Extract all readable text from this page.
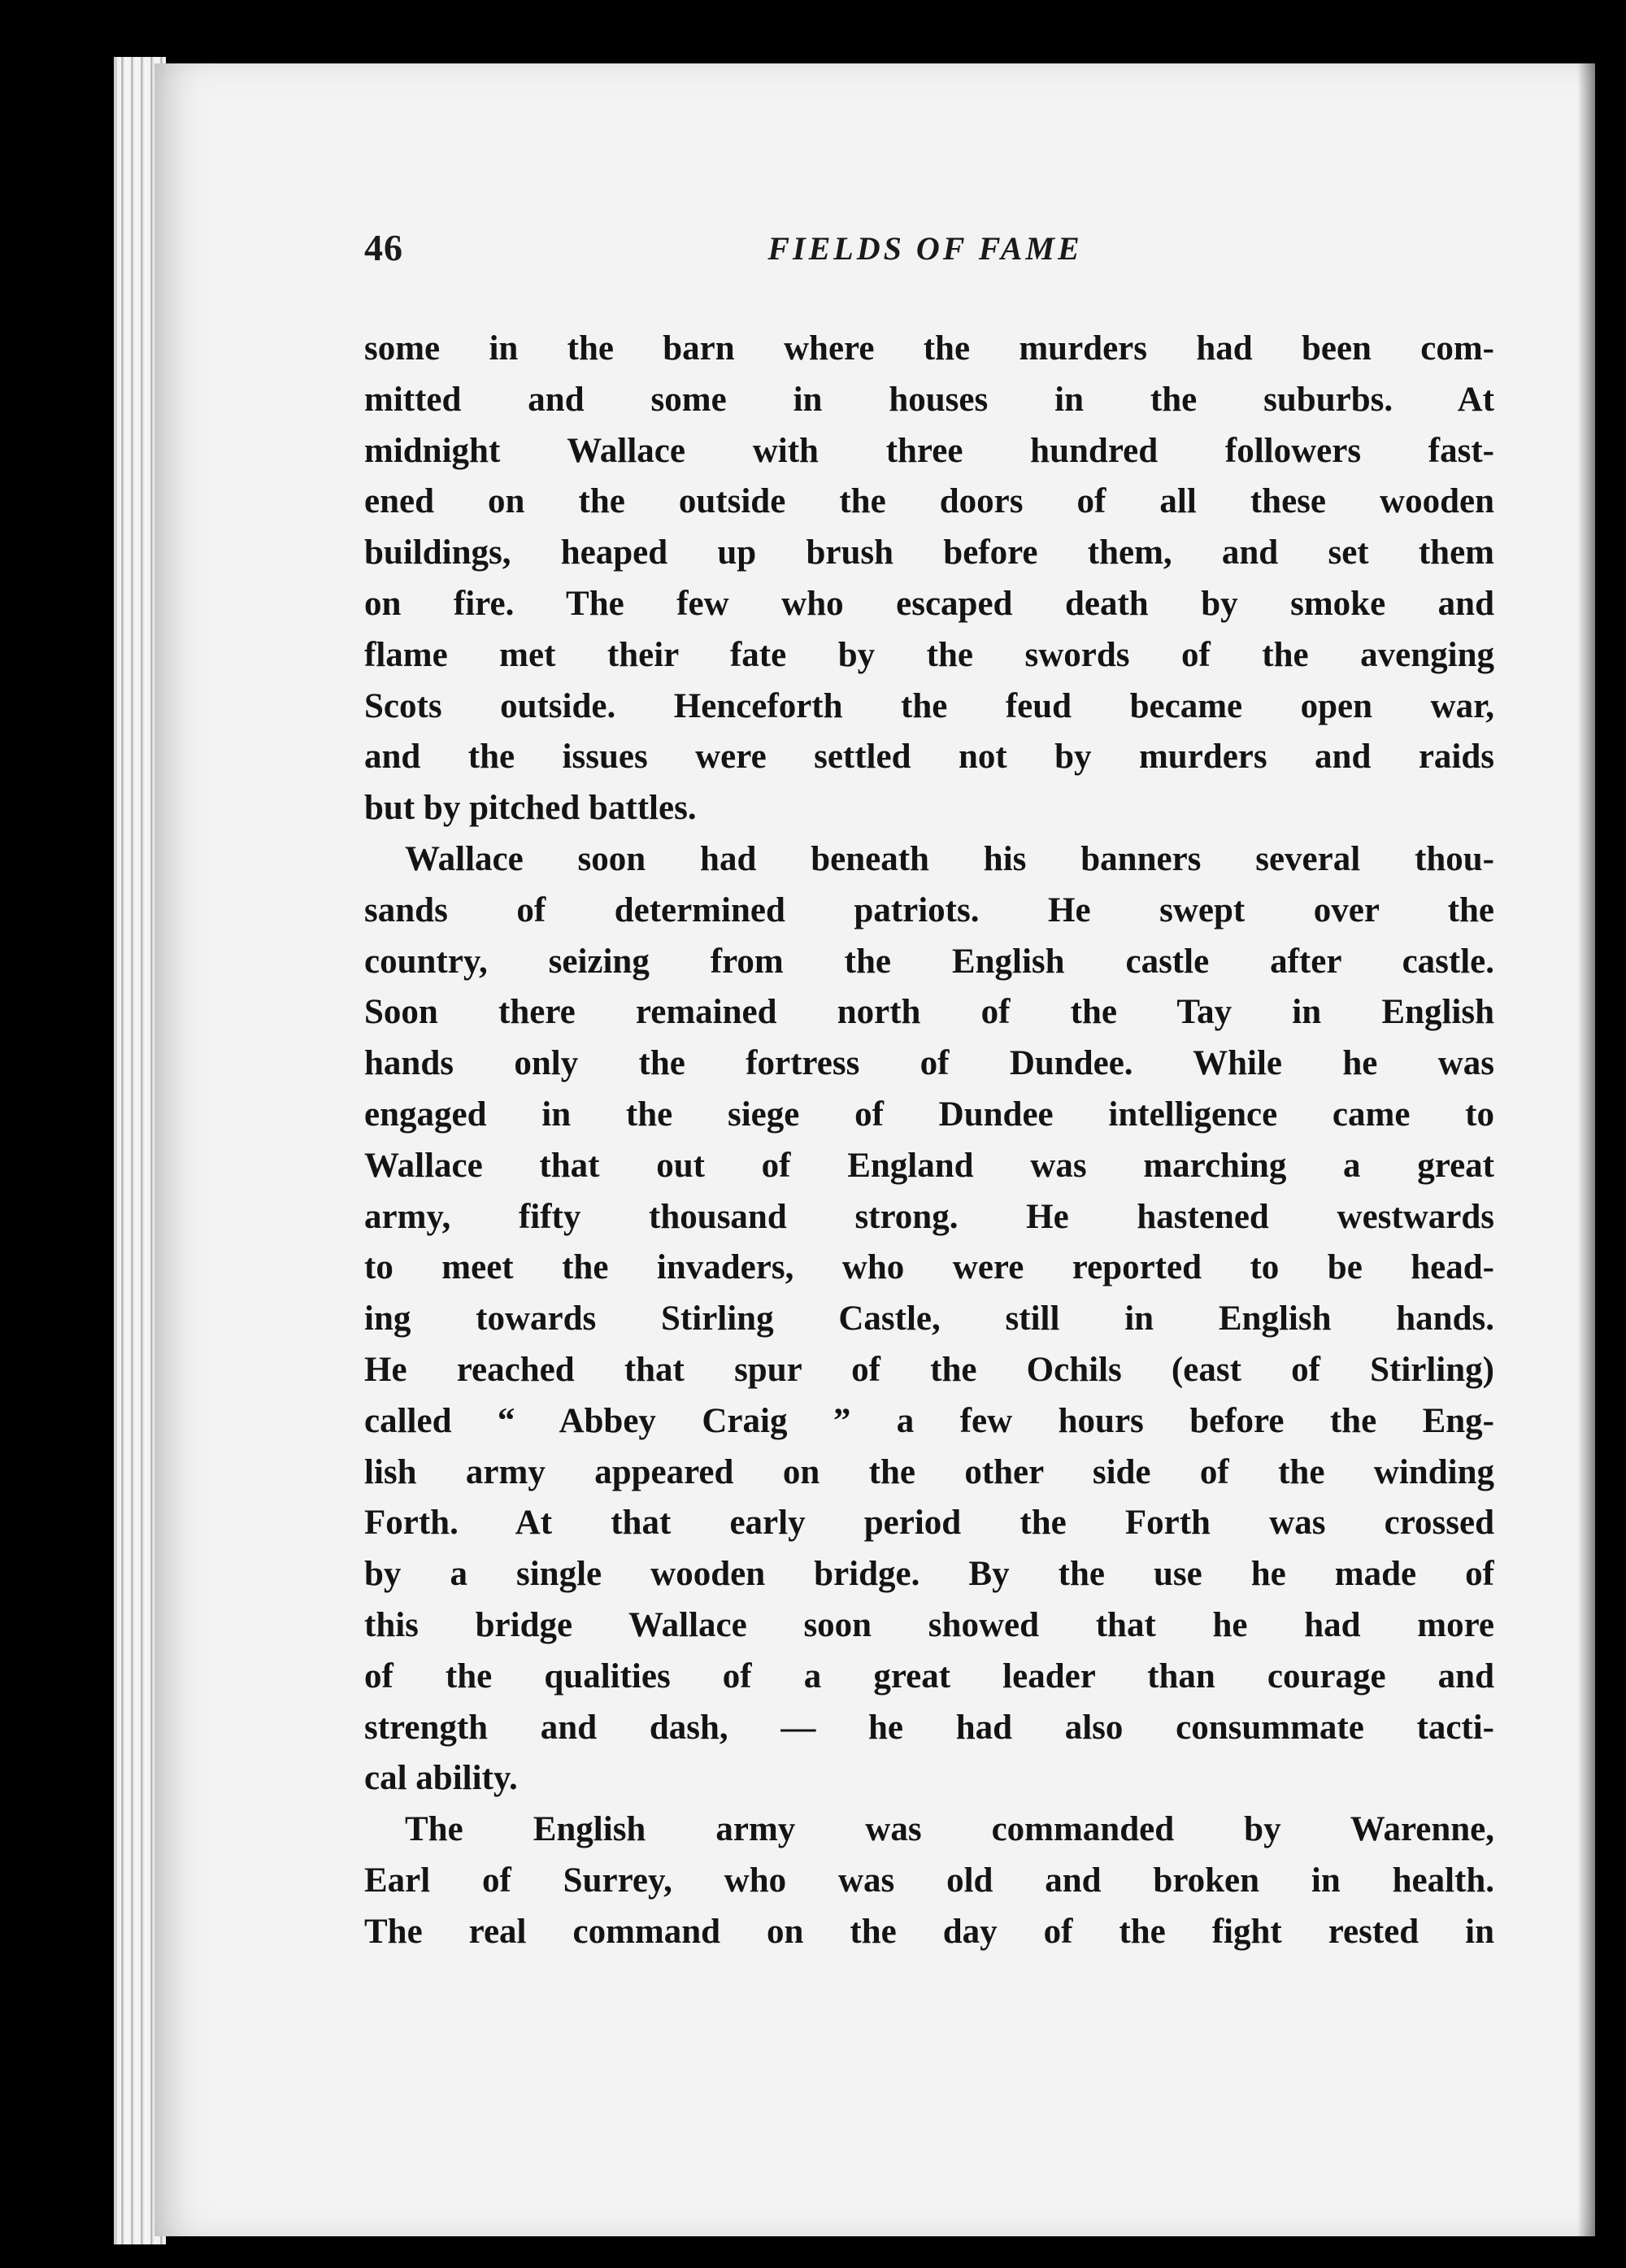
46	FIELDS OF FAME
some in the barn where the murders had been com-
mitted and some in houses in the suburbs. At
midnight Wallace with three hundred followers fast-
ened on the outside the doors of all these wooden
buildings, heaped up brush before them, and set them
on fire. The few who escaped death by smoke and
flame met their fate by the swords of the avenging
Scots outside. Henceforth the feud became open war,
and the issues were settled not by murders and raids
but by pitched battles.
Wallace soon had beneath his banners several thou-
sands of determined patriots. He swept over the
country, seizing from the English castle after castle.
Soon there remained north of the Tay in English
hands only the fortress of Dundee. While he was
engaged in the siege of Dundee intelligence came to
Wallace that out of England was marching a great
army, fifty thousand strong. He hastened westwards
to meet the invaders, who were reported to be head-
ing towards Stirling Castle, still in English hands.
He reached that spur of the Ochils (east of Stirling)
called “ Abbey Craig ” a few hours before the Eng-
lish army appeared on the other side of the winding
Forth. At that early period the Forth was crossed
by a single wooden bridge. By the use he made of
this bridge Wallace soon showed that he had more
of the qualities of a great leader than courage and
strength and dash, — he had also consummate tacti-
cal ability.
The English army was commanded by Warenne,
Earl of Surrey, who was old and broken in health.
The real command on the day of the fight rested in
